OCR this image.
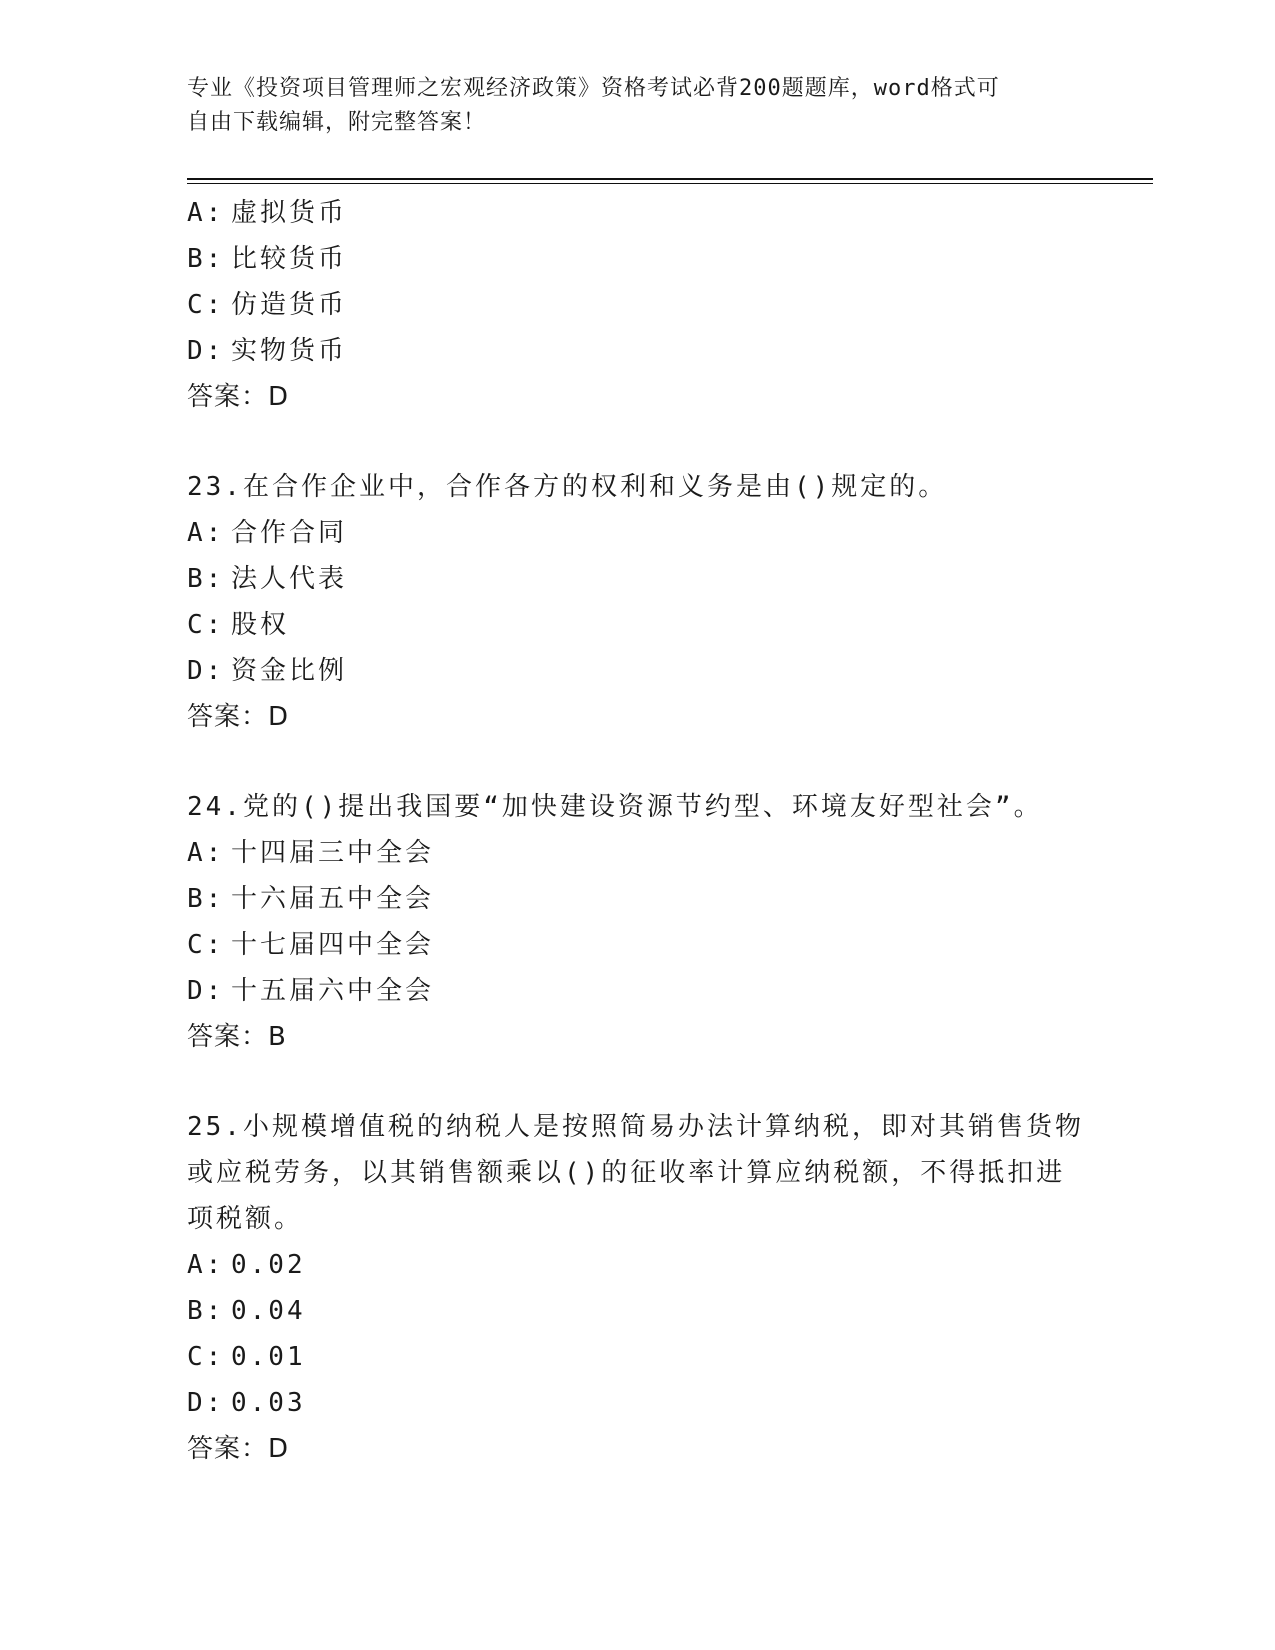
专业《投资项目管理师之宏观经济政策》资格考试必背200题题库，word格式可
自由下载编辑，附完整答案！
A: 虚拟货币
B: 比较货币
C: 仿造货币
D: 实物货币
答案：D
23.在合作企业中，合作各方的权利和义务是由()规定的。
A: 合作合同
B: 法人代表
C: 股权
D: 资金比例
答案：D
24.党的()提出我国要“加快建设资源节约型、环境友好型社会”。
A: 十四届三中全会
B: 十六届五中全会
C: 十七届四中全会
D: 十五届六中全会
答案：B
25.小规模增值税的纳税人是按照简易办法计算纳税，即对其销售货物
或应税劳务，以其销售额乘以()的征收率计算应纳税额，不得抵扣进
项税额。
A: 0.02
B: 0.04
C: 0.01
D: 0.03
答案：D
